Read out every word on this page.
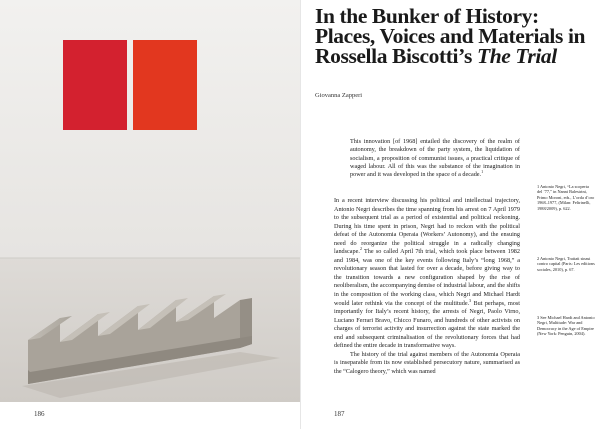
186
In the Bunker of History: Places, Voices and Materials in Rossella Biscotti’s The Trial
Giovanna Zapperi

This innovation [of 1968] entailed the discovery of the realm of autonomy, the breakdown of the party system, the liquidation of socialism, a proposition of communist issues, a practical critique of waged labour. All of this was the substance of the imagination in power and it was developed in the space of a decade.$^1$

In a recent interview discussing his political and intellectual trajectory, Antonio Negri describes the time spanning from his arrest on 7 April 1979 to the subsequent trial as a period of existential and political reckoning. During his time spent in prison, Negri had to reckon with the political defeat of the Autonomia Operaia (Workers’ Autonomy), and the ensuing need do reorganize the political struggle in a radically changing landscape.$^2$ The so called April 7th trial, which took place between 1982 and 1984, was one of the key events following Italy’s “long 1968,” a revolutionary season that lasted for over a decade, before giving way to the transition towards a new configuration shaped by the rise of neoliberalism, the accompanying demise of industrial labour, and the shifts in the composition of the working class, which Negri and Michael Hardt would later rethink via the concept of the multitude.$^3$ But perhaps, most importantly for Italy’s recent history, the arrests of Negri, Paolo Virno, Luciano Ferrari Bravo, Chicco Funaro, and hundreds of other activists on charges of terrorist activity and insurrection against the state marked the end and subsequent criminalisation of the revolutionary forces that had defined the entire decade in transformative ways.

The history of the trial against members of the Autonomia Operaia is inseparable from its now established persecutory nature, summarised as the “Calogero theory,” which was named

1 Antonio Negri, “La scoperta del ’77,” in Nanni Balestrini, Primo Moroni, eds., L’orda d’oro 1968–1977, (Milan: Feltrinelli, 1988/2009), p. 622.

2 Antonio Negri, Trattati sinasi contro capital (Paris: Les editions sociales, 2010), p. 67.

3 See Michael Hardt and Antonio Negri, Multitude: War and Democracy in the Age of Empire (New York: Penguin, 2004).

187
